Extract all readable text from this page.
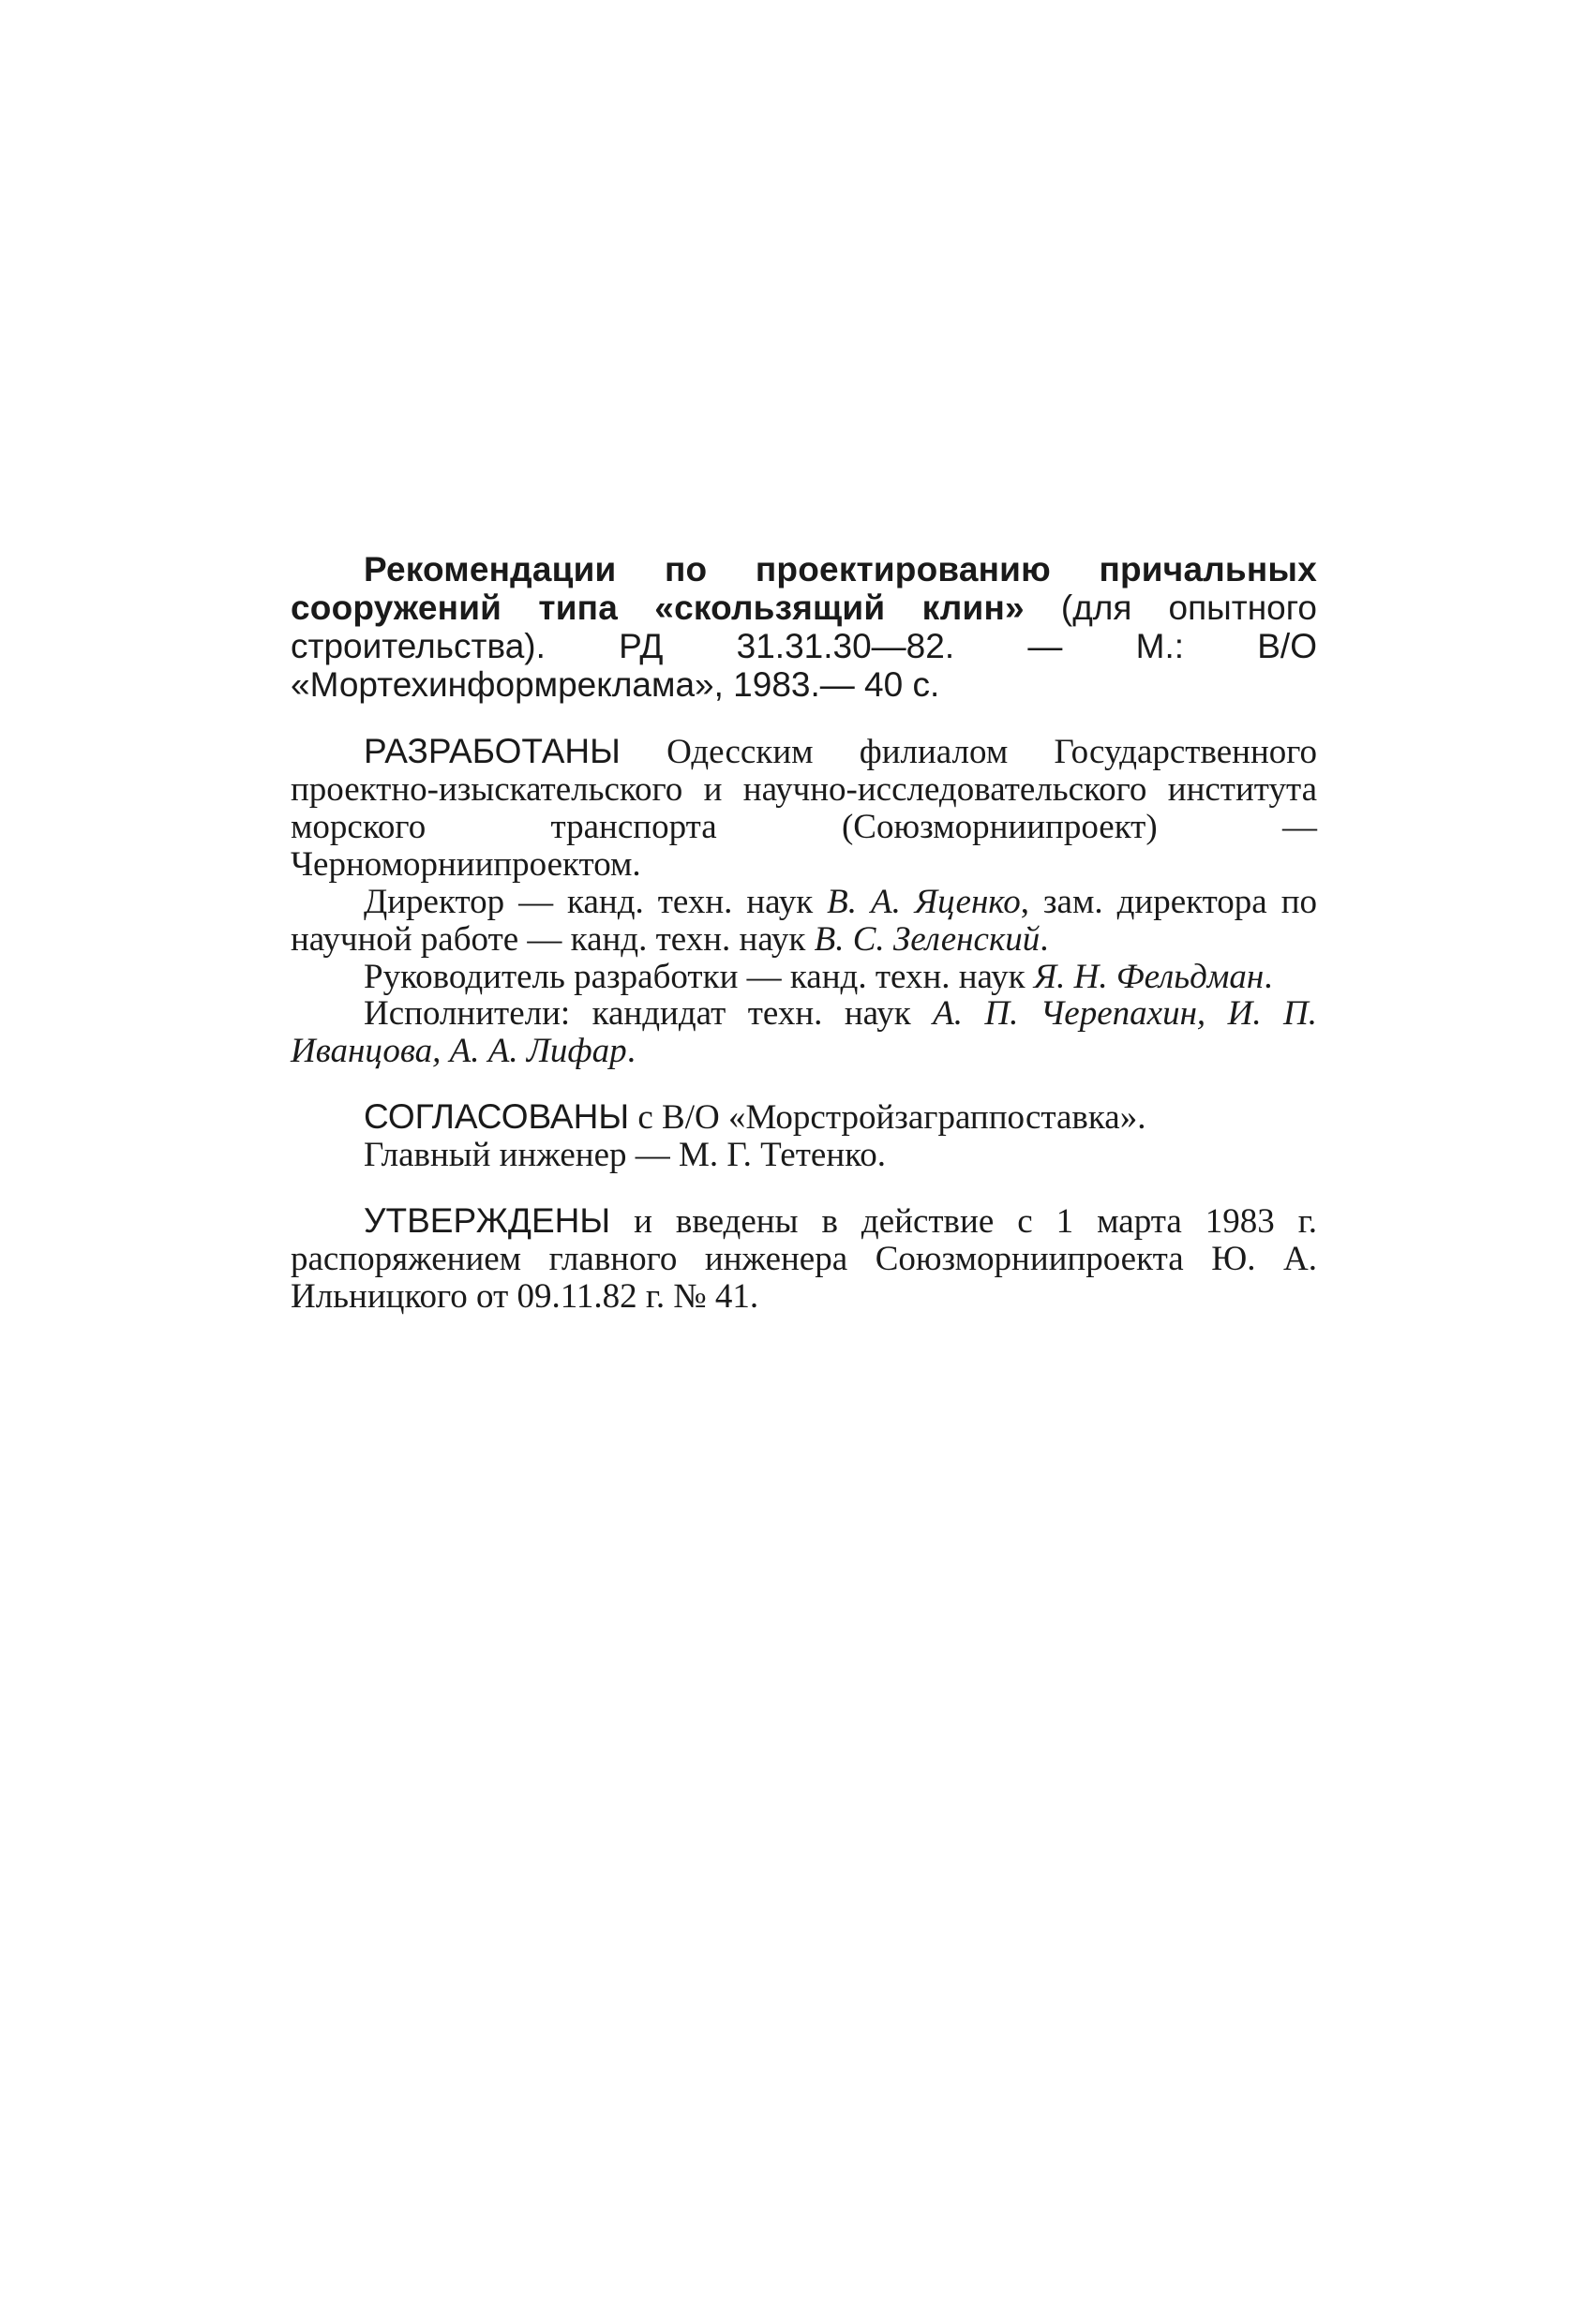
Рекомендации по проектированию причальных сооружений типа «скользящий клин» (для опытного строительства). РД 31.31.30—82. — М.: В/О «Мортехинформреклама», 1983.— 40 с.

РАЗРАБОТАНЫ Одесским филиалом Государственного проектно-изыскательского и научно-исследовательского института морского транспорта (Союзморниипроект) — Черноморниипроектом.

Директор — канд. техн. наук В. А. Яценко, зам. директора по научной работе — канд. техн. наук В. С. Зеленский.

Руководитель разработки — канд. техн. наук Я. Н. Фельдман.

Исполнители: кандидат техн. наук А. П. Черепахин, И. П. Иванцова, А. А. Лифар.

СОГЛАСОВАНЫ с В/О «Морстройзаграппоставка».

Главный инженер — М. Г. Тетенко.

УТВЕРЖДЕНЫ и введены в действие с 1 марта 1983 г. распоряжением главного инженера Союзморниипроекта Ю. А. Ильницкого от 09.11.82 г. № 41.
